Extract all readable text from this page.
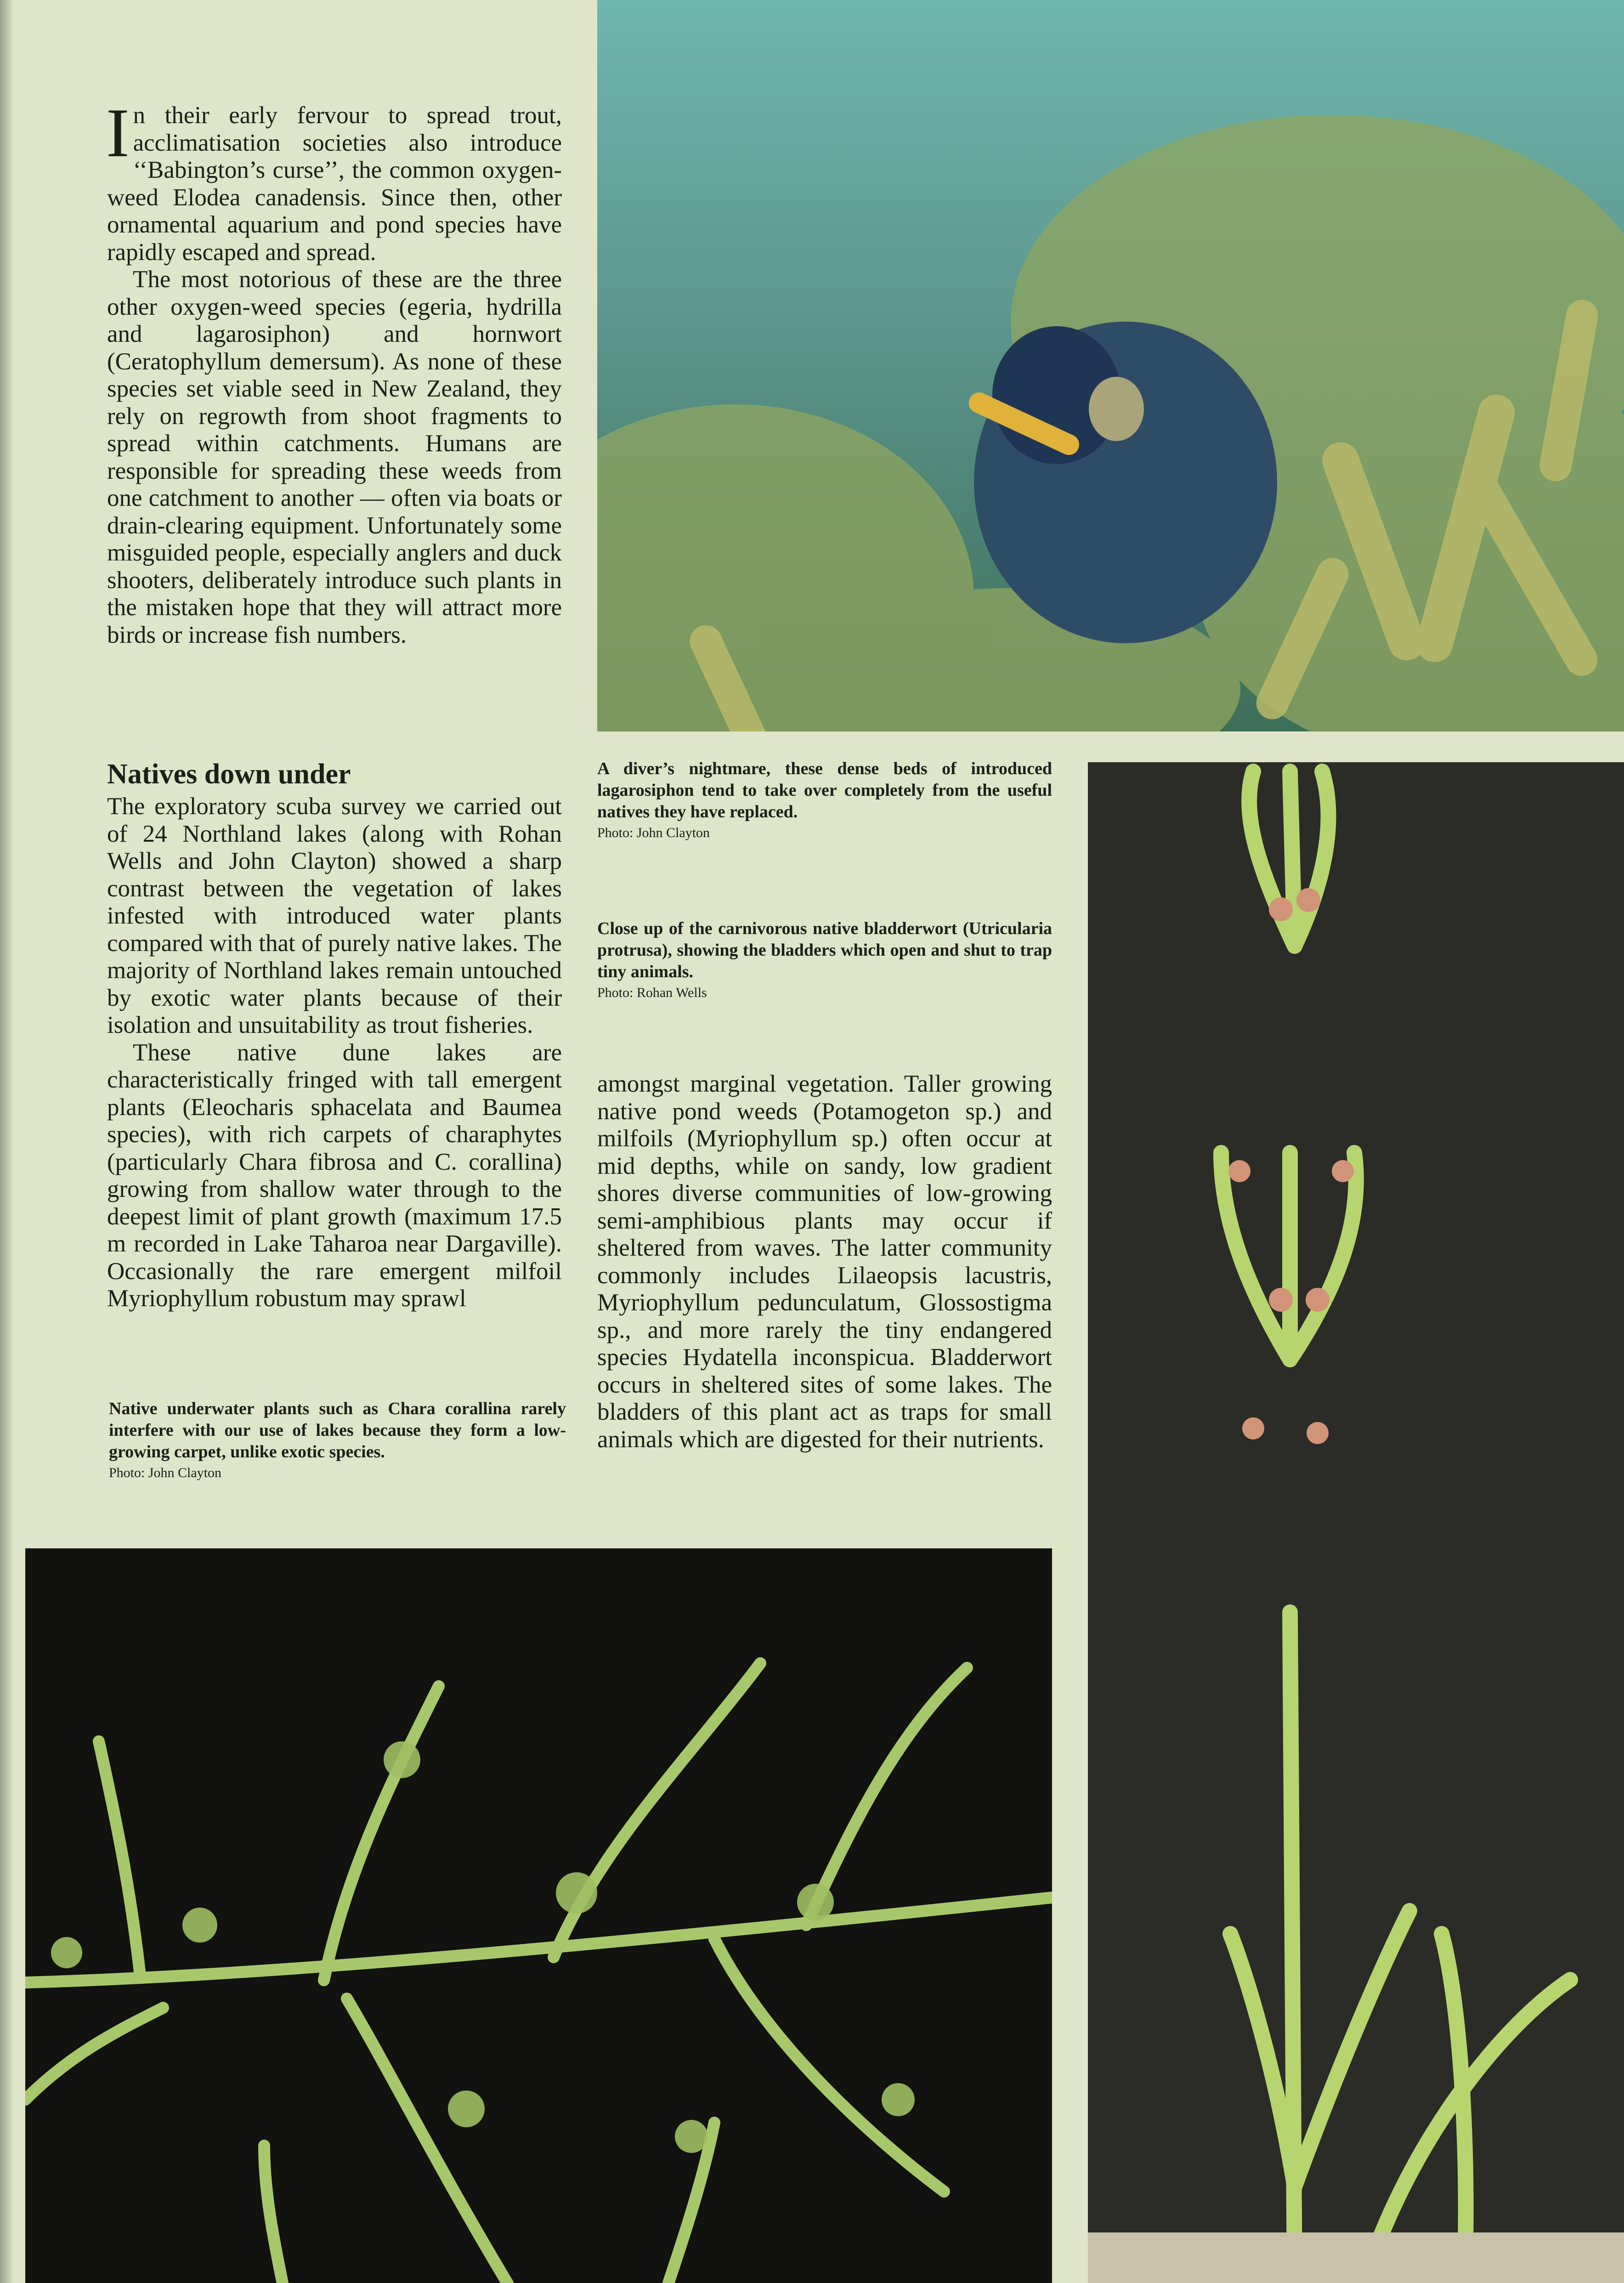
I n their early fervour to spread trout, acclimatisation societies also introduce ‘‘Babington’s curse’’, the common oxygen-weed Elodea canadensis. Since then, other ornamental aquarium and pond species have rapidly escaped and spread.

The most notorious of these are the three other oxygen-weed species (egeria, hydrilla and lagarosiphon) and hornwort (Ceratophyllum demersum). As none of these species set viable seed in New Zealand, they rely on regrowth from shoot fragments to spread within catchments. Humans are responsible for spreading these weeds from one catchment to another — often via boats or drain-clearing equipment. Unfortunately some misguided people, especially anglers and duck shooters, deliberately introduce such plants in the mistaken hope that they will attract more birds or increase fish numbers.

Natives down under

The exploratory scuba survey we carried out of 24 Northland lakes (along with Rohan Wells and John Clayton) showed a sharp contrast between the vegetation of lakes infested with introduced water plants compared with that of purely native lakes. The majority of Northland lakes remain untouched by exotic water plants because of their isolation and unsuitability as trout fisheries.

These native dune lakes are characteristically fringed with tall emergent plants (Eleocharis sphacelata and Baumea species), with rich carpets of charaphytes (particularly Chara fibrosa and C. corallina) growing from shallow water through to the deepest limit of plant growth (maximum 17.5 m recorded in Lake Taharoa near Dargaville). Occasionally the rare emergent milfoil Myriophyllum robustum may sprawl

Native underwater plants such as Chara corallina rarely interfere with our use of lakes because they form a low-growing carpet, unlike exotic species.

Photo: John Clayton

A diver’s nightmare, these dense beds of introduced lagarosiphon tend to take over completely from the useful natives they have replaced.

Photo: John Clayton

Close up of the carnivorous native bladderwort (Utricularia protrusa), showing the bladders which open and shut to trap tiny animals.

Photo: Rohan Wells

amongst marginal vegetation. Taller growing native pond weeds (Potamogeton sp.) and milfoils (Myriophyllum sp.) often occur at mid depths, while on sandy, low gradient shores diverse communities of low-growing semi-amphibious plants may occur if sheltered from waves. The latter community commonly includes Lilaeopsis lacustris, Myriophyllum pedunculatum, Glossostigma sp., and more rarely the tiny endangered species Hydatella inconspicua. Bladderwort occurs in sheltered sites of some lakes. The bladders of this plant act as traps for small animals which are digested for their nutrients.
